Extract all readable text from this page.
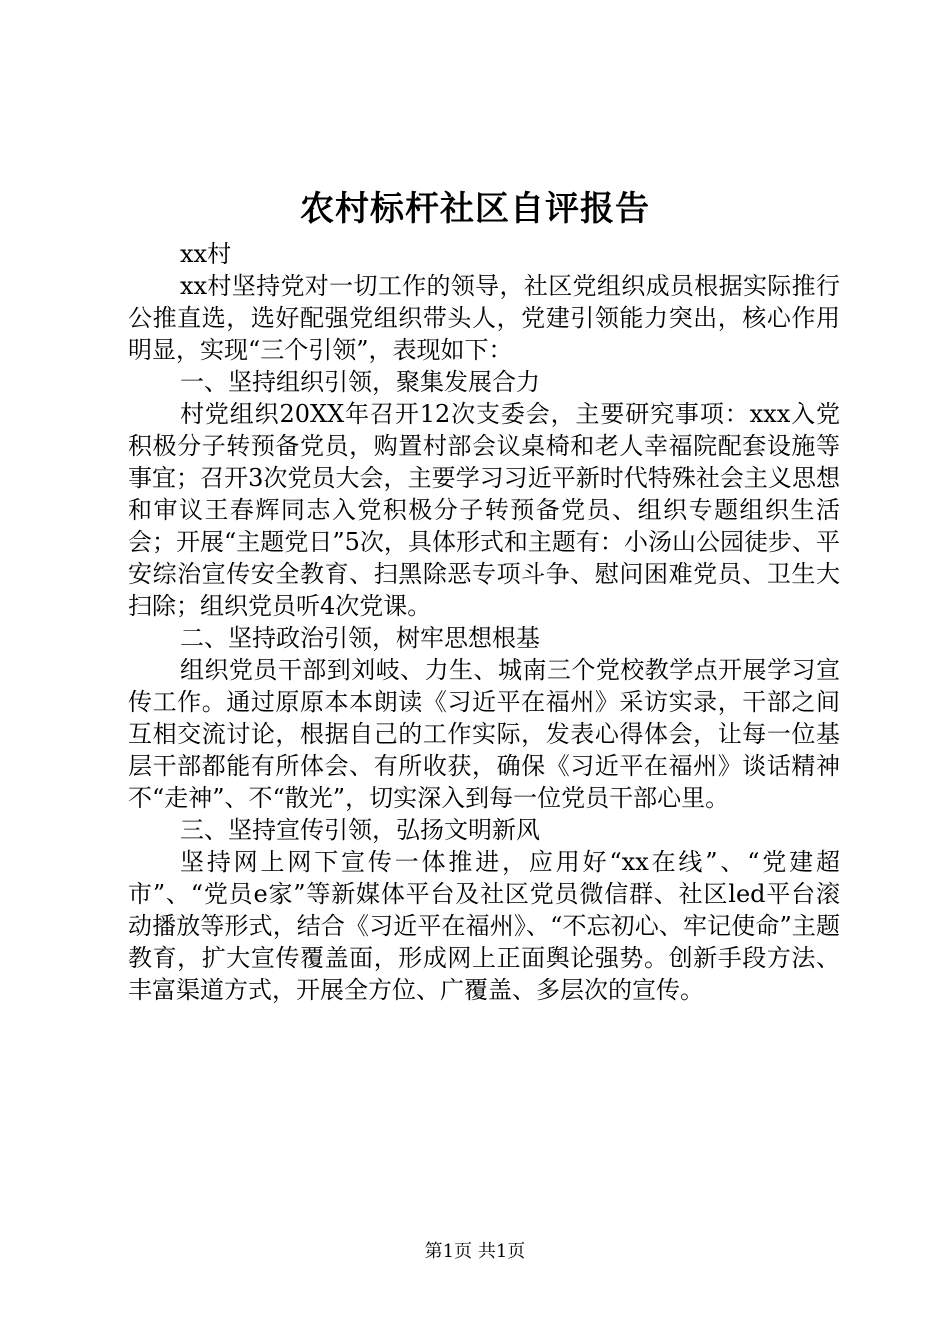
农村标杆社区自评报告

xx村

xx村坚持党对一切工作的领导，社区党组织成员根据实际推行公推直选，选好配强党组织带头人，党建引领能力突出，核心作用明显，实现“三个引领”，表现如下：

一、坚持组织引领，聚集发展合力

村党组织20XX年召开12次支委会，主要研究事项：xxx入党积极分子转预备党员，购置村部会议桌椅和老人幸福院配套设施等事宜；召开3次党员大会，主要学习习近平新时代特殊社会主义思想和审议王春辉同志入党积极分子转预备党员、组织专题组织生活会；开展“主题党日”5次，具体形式和主题有：小汤山公园徒步、平安综治宣传安全教育、扫黑除恶专项斗争、慰问困难党员、卫生大扫除；组织党员听4次党课。

二、坚持政治引领，树牢思想根基

组织党员干部到刘岐、力生、城南三个党校教学点开展学习宣传工作。通过原原本本朗读《习近平在福州》采访实录，干部之间互相交流讨论，根据自己的工作实际，发表心得体会，让每一位基层干部都能有所体会、有所收获，确保《习近平在福州》谈话精神不“走神”、不“散光”，切实深入到每一位党员干部心里。

三、坚持宣传引领，弘扬文明新风

坚持网上网下宣传一体推进，应用好“xx在线”、“党建超市”、“党员e家”等新媒体平台及社区党员微信群、社区led平台滚动播放等形式，结合《习近平在福州》、“不忘初心、牢记使命”主题教育，扩大宣传覆盖面，形成网上正面舆论强势。创新手段方法、丰富渠道方式，开展全方位、广覆盖、多层次的宣传。

第1页 共1页
